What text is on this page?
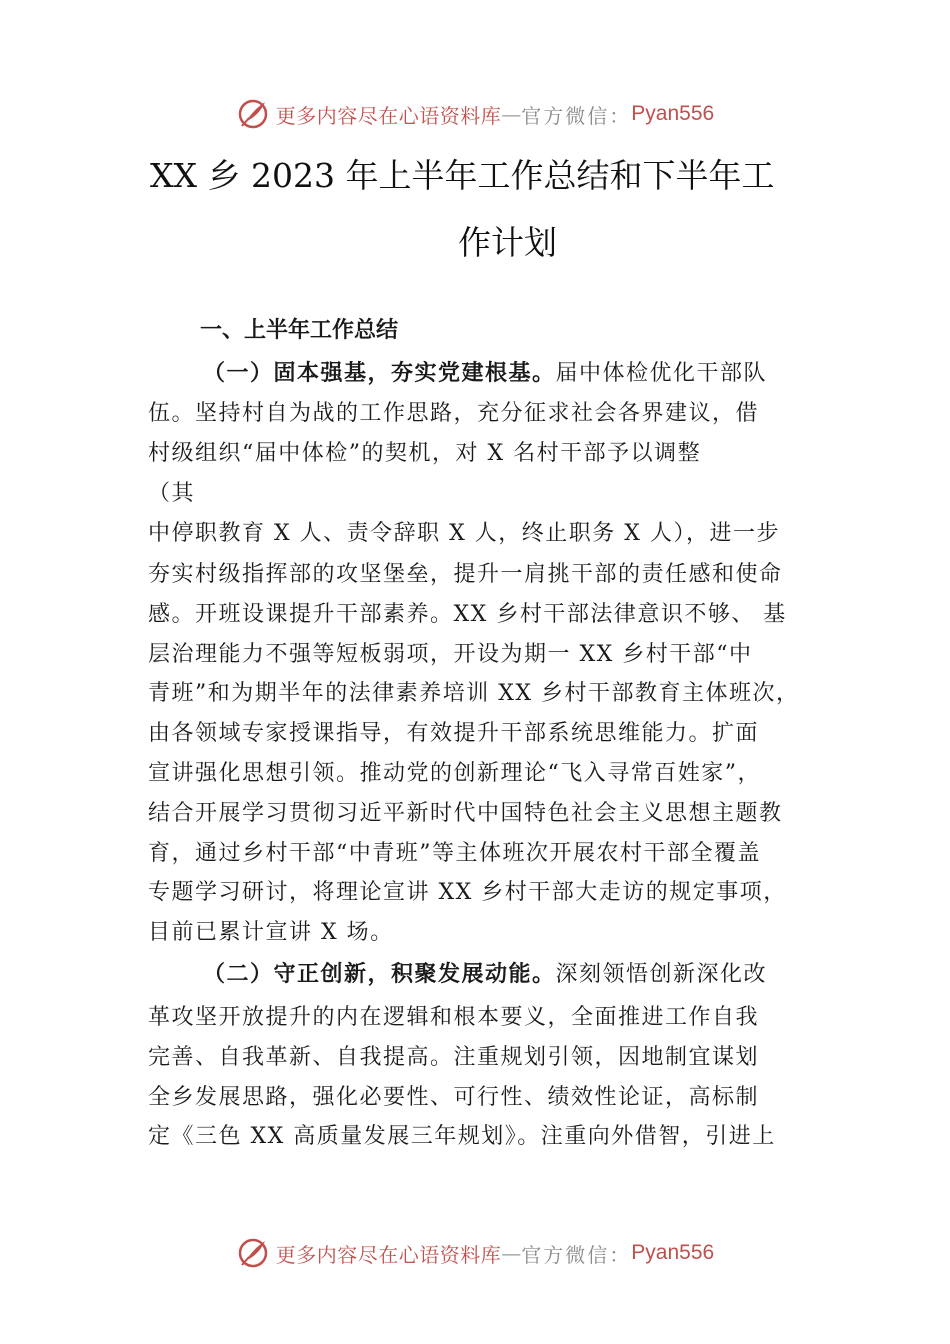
更多内容尽在心语资料库 — 官方微信： Pyan556
XX 乡 2023 年上半年工作总结和下半年工
作计划
一、上半年工作总结
（一）固本强基，夯实党建根基。届中体检优化干部队
伍。坚持村自为战的工作思路，充分征求社会各界建议，借
村级组织“届中体检”的契机，对 X 名村干部予以调整
（其
中停职教育 X 人、责令辞职 X 人，终止职务 X 人），进一步
夯实村级指挥部的攻坚堡垒，提升一肩挑干部的责任感和使命
感。开班设课提升干部素养。XX 乡村干部法律意识不够、 基
层治理能力不强等短板弱项，开设为期一 XX 乡村干部“中
青班”和为期半年的法律素养培训 XX 乡村干部教育主体班次，
由各领域专家授课指导，有效提升干部系统思维能力。扩面
宣讲强化思想引领。推动党的创新理论“飞入寻常百姓家”，
结合开展学习贯彻习近平新时代中国特色社会主义思想主题教
育，通过乡村干部“中青班”等主体班次开展农村干部全覆盖
专题学习研讨，将理论宣讲 XX 乡村干部大走访的规定事项，
目前已累计宣讲 X 场。
（二）守正创新，积聚发展动能。深刻领悟创新深化改
革攻坚开放提升的内在逻辑和根本要义，全面推进工作自我
完善、自我革新、自我提高。注重规划引领，因地制宜谋划
全乡发展思路，强化必要性、可行性、绩效性论证，高标制
定《三色 XX 高质量发展三年规划》。注重向外借智，引进上
更多内容尽在心语资料库 — 官方微信： Pyan556
